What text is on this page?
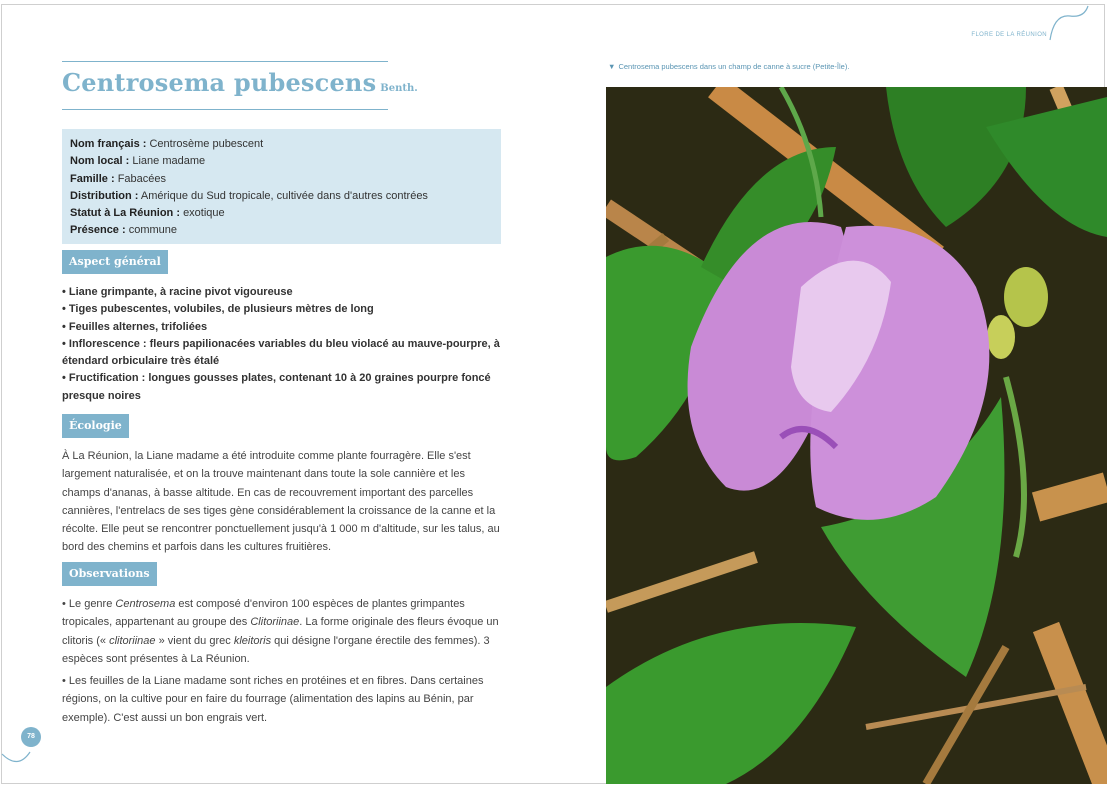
Centrosema pubescens Benth.
Nom français : Centrosème pubescent
Nom local : Liane madame
Famille : Fabacées
Distribution : Amérique du Sud tropicale, cultivée dans d'autres contrées
Statut à La Réunion : exotique
Présence : commune
Aspect général
• Liane grimpante, à racine pivot vigoureuse
• Tiges pubescentes, volubiles, de plusieurs mètres de long
• Feuilles alternes, trifoliées
• Inflorescence : fleurs papilionacées variables du bleu violacé au mauve-pourpre, à étendard orbiculaire très étalé
• Fructification : longues gousses plates, contenant 10 à 20 graines pourpre foncé presque noires
Écologie
À La Réunion, la Liane madame a été introduite comme plante fourragère. Elle s'est largement naturalisée, et on la trouve maintenant dans toute la sole cannière et les champs d'ananas, à basse altitude. En cas de recouvrement important des parcelles cannières, l'entrelacs de ses tiges gène considérablement la croissance de la canne et la récolte. Elle peut se rencontrer ponctuellement jusqu'à 1 000 m d'altitude, sur les talus, au bord des chemins et parfois dans les cultures fruitières.
Observations
• Le genre Centrosema est composé d'environ 100 espèces de plantes grimpantes tropicales, appartenant au groupe des Clitoriinae. La forme originale des fleurs évoque un clitoris (« clitoriinae » vient du grec kleitoris qui désigne l'organe érectile des femmes). 3 espèces sont présentes à La Réunion.
• Les feuilles de la Liane madame sont riches en protéines et en fibres. Dans certaines régions, on la cultive pour en faire du fourrage (alimentation des lapins au Bénin, par exemple). C'est aussi un bon engrais vert.
78
FLORE DE LA RÉUNION
▼ Centrosema pubescens dans un champ de canne à sucre (Petite-Île).
